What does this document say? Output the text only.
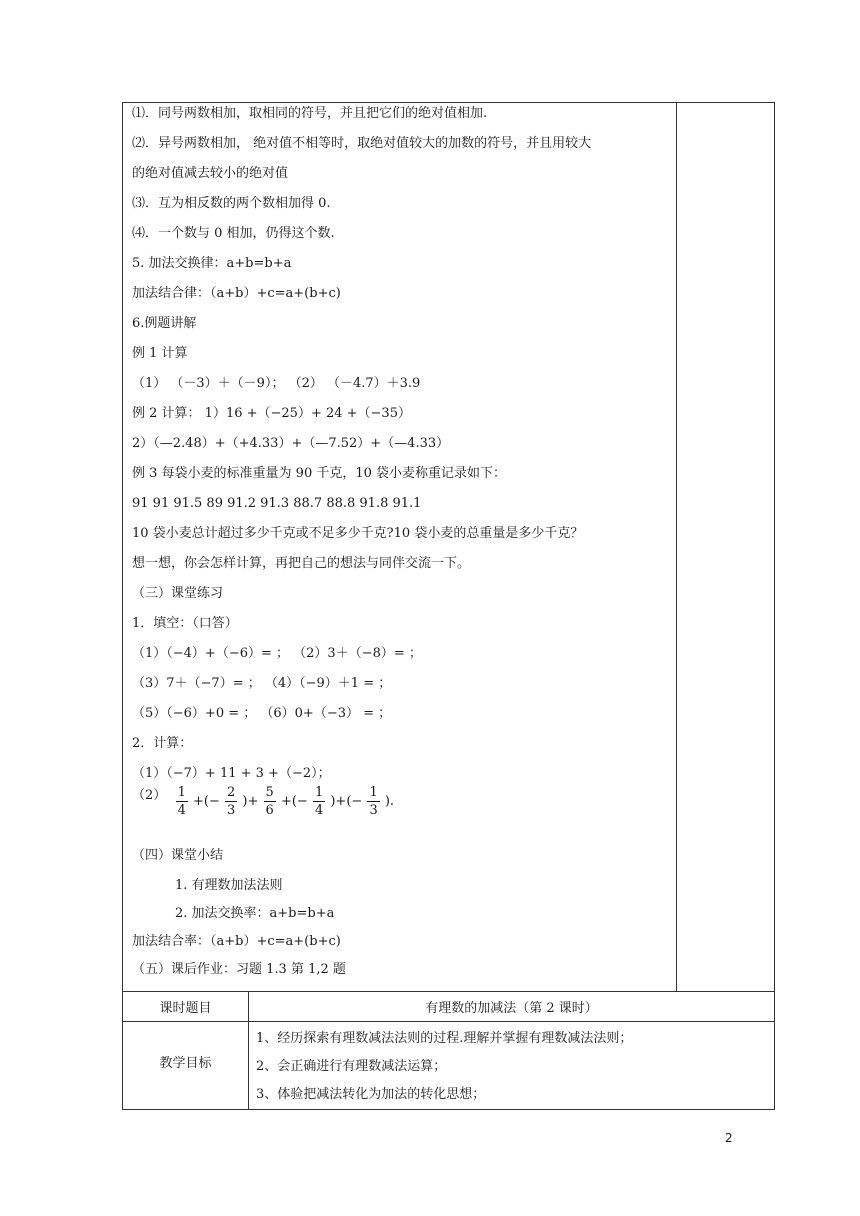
⑴．同号两数相加，取相同的符号，并且把它们的绝对值相加.
⑵．异号两数相加， 绝对值不相等时，取绝对值较大的加数的符号，并且用较大
的绝对值减去较小的绝对值
⑶．互为相反数的两个数相加得 0.
⑷．一个数与 0 相加，仍得这个数.
5. 加法交换律：a+b=b+a
加法结合律：（a+b）+c=a+(b+c)
6.例题讲解
例 1 计算
（1） （－3）＋（－9）； （2） （－4.7）＋3.9
例 2 计算： 1）16 +（−25）+ 24 +（−35）
2）（—2.48）+（+4.33）+（—7.52）+（—4.33）
例 3 每袋小麦的标准重量为 90 千克，10 袋小麦称重记录如下：
91 91 91.5 89 91.2 91.3 88.7 88.8 91.8 91.1
10 袋小麦总计超过多少千克或不足多少千克?10 袋小麦的总重量是多少千克？
想一想，你会怎样计算，再把自己的想法与同伴交流一下。
（三）课堂练习
1．填空：（口答）
（1）（−4）+（−6）= ； （2）3＋（−8）= ；
（3）7＋（−7）= ； （4）（−9）＋1 = ；
（5）（−6）+0 = ； （6）0+（−3） = ；
2．计算：
（1）（−7）+ 11 + 3 +（−2）；
$(2) \frac{1}{4}$ +(− $\frac{2}{3}$ )+ $\frac{5}{6}$ +(− $\frac{1}{4}$ )+(− $\frac{1}{3}$ ).
（四）课堂小结
1. 有理数加法法则
2. 加法交换率：a+b=b+a
加法结合率：（a+b）+c=a+(b+c)
（五）课后作业：习题 1.3 第 1,2 题
课时题目	有理数的加减法（第 2 课时）
教学目标
1、经历探索有理数减法法则的过程.理解并掌握有理数减法法则；
2、会正确进行有理数减法运算；
3、体验把减法转化为加法的转化思想；
2
